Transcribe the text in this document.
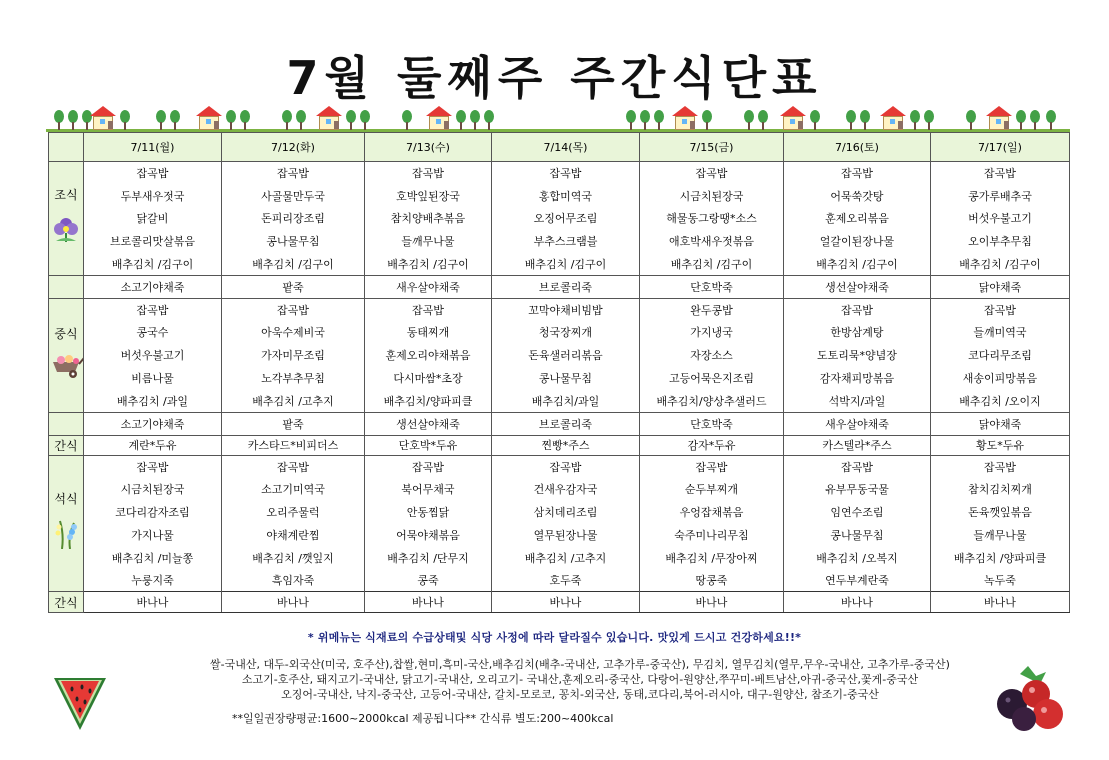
7월 둘째주 주간식단표
	7/11(월)	7/12(화)	7/13(수)	7/14(목)	7/15(금)	7/16(토)	7/17(일)

조식	잡곡밥	잡곡밥	잡곡밥	잡곡밥	잡곡밥	잡곡밥	잡곡밥
	두부새우젓국	사골물만두국	호박잎된장국	홍합미역국	시금치된장국	어묵쑥갓탕	콩가루배추국
	닭갈비	돈피리장조림	참치양배추볶음	오징어무조림	해물동그랑땡*소스	훈제오리볶음	버섯우불고기
	브로콜리맛살볶음	콩나물무침	들깨무나물	부추스크램블	애호박새우젓볶음	얼갈이된장나물	오이부추무침
	배추김치 /김구이	배추김치 /김구이	배추김치 /김구이	배추김치 /김구이	배추김치 /김구이	배추김치 /김구이	배추김치 /김구이
	소고기야채죽	팥죽	새우살야채죽	브로콜리죽	단호박죽	생선살야채죽	닭야채죽

중식	잡곡밥	잡곡밥	잡곡밥	꼬막야채비빔밥	완두콩밥	잡곡밥	잡곡밥
	콩국수	아욱수제비국	동태찌개	청국장찌개	가지냉국	한방삼계탕	들깨미역국
	버섯우불고기	가자미무조림	훈제오리야채볶음	돈육샐러리볶음	자장소스	도토리묵*양념장	코다리무조림
	비름나물	노각부추무침	다시마쌈*초장	콩나물무침	고등어묵은지조림	감자채피망볶음	새송이피망볶음
	배추김치 /과일	배추김치 /고추지	배추김치/양파피클	배추김치/과일	배추김치/양상추샐러드	석박지/과일	배추김치 /오이지
	소고기야채죽	팥죽	생선살야채죽	브로콜리죽	단호박죽	새우살야채죽	닭야채죽

간식	계란*두유	카스타드*비피더스	단호박*두유	찐빵*주스	감자*두유	카스텔라*주스	황도*두유

석식	잡곡밥	잡곡밥	잡곡밥	잡곡밥	잡곡밥	잡곡밥	잡곡밥
	시금치된장국	소고기미역국	북어무채국	건새우감자국	순두부찌개	유부무동국물	참치김치찌개
	코다리감자조림	오리주물럭	안동찜닭	삼치데리조림	우엉잡채볶음	임연수조림	돈육깻잎볶음
	가지나물	야채계란찜	어묵야채볶음	열무된장나물	숙주미나리무침	콩나물무침	들깨무나물
	배추김치 /미늘쫑	배추김치 /깻잎지	배추김치 /단무지	배추김치 /고추지	배추김치 /무장아찌	배추김치 /오복지	배추김치 /양파피클
	누룽지죽	흑임자죽	콩죽	호두죽	땅콩죽	연두부계란죽	녹두죽

간식	바나나	바나나	바나나	바나나	바나나	바나나	바나나
* 위메뉴는 식재료의 수급상태및 식당 사정에 따라 달라질수 있습니다. 맛있게 드시고 건강하세요!!*
쌀-국내산, 대두-외국산(미국, 호주산),찹쌀,현미,흑미-국산,배추김치(배추-국내산, 고추가루-중국산), 무김치, 열무김치(열무,무우-국내산, 고추가루-중국산)
소고기-호주산, 돼지고기-국내산, 닭고기-국내산, 오리고기- 국내산,훈제오리-중국산, 다랑어-원양산,쭈꾸미-베트남산,아귀-중국산,꽃게-중국산
오징어-국내산, 낙지-중국산, 고등어-국내산, 갈치-모로코, 꽁치-외국산, 동태,코다리,북어-러시아, 대구-원양산, 참조기-중국산
**일일권장량평균:1600~2000kcal 제공됩니다** 간식류 별도:200~400kcal
